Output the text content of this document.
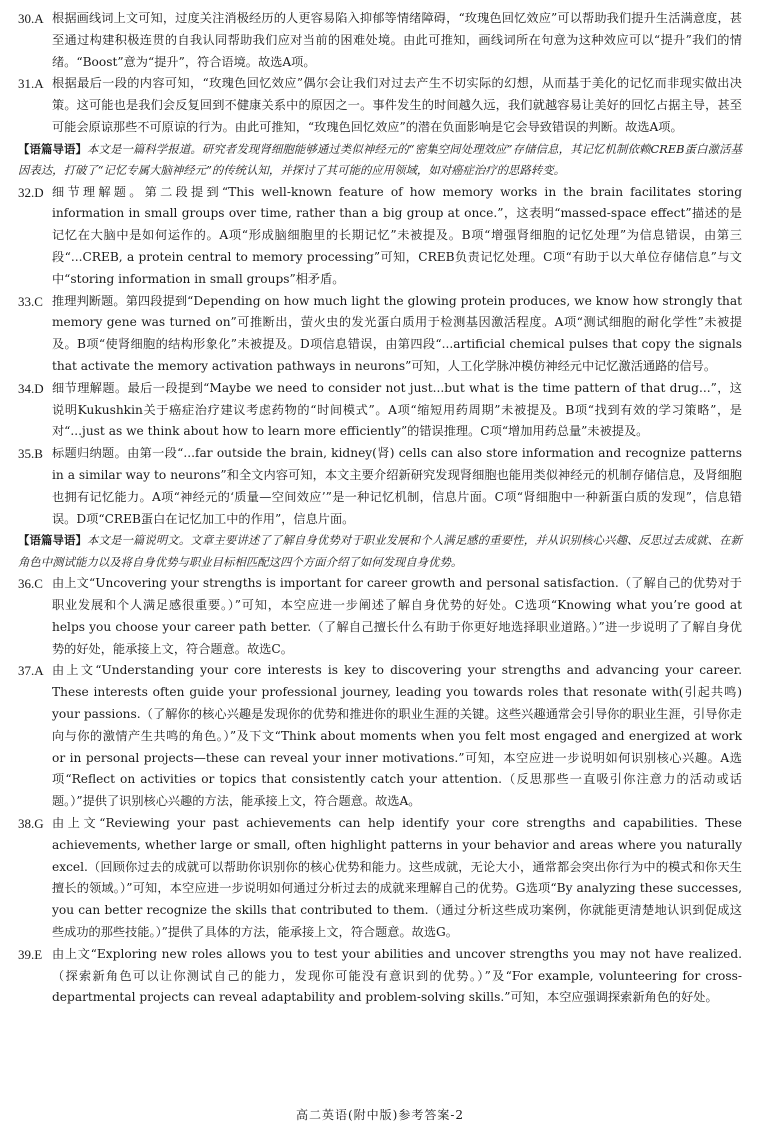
30.A 根据画线词上文可知，过度关注消极经历的人更容易陷入抑郁等情绪障碍，“玫瑰色回忆效应”可以帮助我们提升生活满意度，甚至通过构建积极连贯的自我认同帮助我们应对当前的困难处境。由此可推知，画线词所在句意为这种效应可以“提升”我们的情绪。“Boost”意为“提升”，符合语境。故选A项。
31.A 根据最后一段的内容可知，“玫瑰色回忆效应”偶尔会让我们对过去产生不切实际的幻想，从而基于美化的记忆而非现实做出决策。这可能也是我们会反复回到不健康关系中的原因之一。事件发生的时间越久远，我们就越容易让美好的回忆占据主导，甚至可能会原谅那些不可原谅的行为。由此可推知，“玫瑰色回忆效应”的潜在负面影响是它会导致错误的判断。故选A项。

【语篇导语】本文是一篇科学报道。研究者发现肾细胞能够通过类似神经元的“密集空间处理效应”存储信息，其记忆机制依赖CREB蛋白激活基因表达，打破了“记忆专属大脑神经元”的传统认知，并探讨了其可能的应用领域，如对癌症治疗的思路转变。

32.D 细节理解题。第二段提到“This well-known feature of how memory works in the brain facilitates storing information in small groups over time, rather than a big group at once.”，这表明“massed-space effect”描述的是记忆在大脑中是如何运作的。A项“形成脑细胞里的长期记忆”未被提及。B项“增强肾细胞的记忆处理”为信息错误，由第三段“...CREB, a protein central to memory processing”可知，CREB负责记忆处理。C项“有助于以大单位存储信息”与文中“storing information in small groups”相矛盾。
33.C 推理判断题。第四段提到“Depending on how much light the glowing protein produces, we know how strongly that memory gene was turned on”可推断出，萤火虫的发光蛋白质用于检测基因激活程度。A项“测试细胞的耐化学性”未被提及。B项“使肾细胞的结构形象化”未被提及。D项信息错误，由第四段“...artificial chemical pulses that copy the signals that activate the memory activation pathways in neurons”可知，人工化学脉冲模仿神经元中记忆激活通路的信号。
34.D 细节理解题。最后一段提到“Maybe we need to consider not just...but what is the time pattern of that drug...”，这说明Kukushkin关于癌症治疗建议考虑药物的“时间模式”。A项“缩短用药周期”未被提及。B项“找到有效的学习策略”，是对“...just as we think about how to learn more efficiently”的错误推理。C项“增加用药总量”未被提及。
35.B 标题归纳题。由第一段“...far outside the brain, kidney(肾) cells can also store information and recognize patterns in a similar way to neurons”和全文内容可知，本文主要介绍新研究发现肾细胞也能用类似神经元的机制存储信息，及肾细胞也拥有记忆能力。A项“神经元的‘质量—空间效应’”是一种记忆机制，信息片面。C项“肾细胞中一种新蛋白质的发现”，信息错误。D项“CREB蛋白在记忆加工中的作用”，信息片面。

【语篇导语】本文是一篇说明文。文章主要讲述了了解自身优势对于职业发展和个人满足感的重要性，并从识别核心兴趣、反思过去成就、在新角色中测试能力以及将自身优势与职业目标相匹配这四个方面介绍了如何发现自身优势。

36.C 由上文“Uncovering your strengths is important for career growth and personal satisfaction.（了解自己的优势对于职业发展和个人满足感很重要。）”可知，本空应进一步阐述了解自身优势的好处。C选项“Knowing what you’re good at helps you choose your career path better.（了解自己擅长什么有助于你更好地选择职业道路。）”进一步说明了了解自身优势的好处，能承接上文，符合题意。故选C。
37.A 由上文“Understanding your core interests is key to discovering your strengths and advancing your career. These interests often guide your professional journey, leading you towards roles that resonate with(引起共鸣) your passions.（了解你的核心兴趣是发现你的优势和推进你的职业生涯的关键。这些兴趣通常会引导你的职业生涯，引导你走向与你的激情产生共鸣的角色。）”及下文“Think about moments when you felt most engaged and energized at work or in personal projects—these can reveal your inner motivations.”可知，本空应进一步说明如何识别核心兴趣。A选项“Reflect on activities or topics that consistently catch your attention.（反思那些一直吸引你注意力的活动或话题。）”提供了识别核心兴趣的方法，能承接上文，符合题意。故选A。
38.G 由上文“Reviewing your past achievements can help identify your core strengths and capabilities. These achievements, whether large or small, often highlight patterns in your behavior and areas where you naturally excel.（回顾你过去的成就可以帮助你识别你的核心优势和能力。这些成就，无论大小，通常都会突出你行为中的模式和你天生擅长的领域。）”可知，本空应进一步说明如何通过分析过去的成就来理解自己的优势。G选项“By analyzing these successes, you can better recognize the skills that contributed to them.（通过分析这些成功案例，你就能更清楚地认识到促成这些成功的那些技能。）”提供了具体的方法，能承接上文，符合题意。故选G。
39.E 由上文“Exploring new roles allows you to test your abilities and uncover strengths you may not have realized.（探索新角色可以让你测试自己的能力，发现你可能没有意识到的优势。）”及“For example, volunteering for cross-departmental projects can reveal adaptability and problem-solving skills.”可知，本空应强调探索新角色的好处。
高二英语(附中版)参考答案-2
